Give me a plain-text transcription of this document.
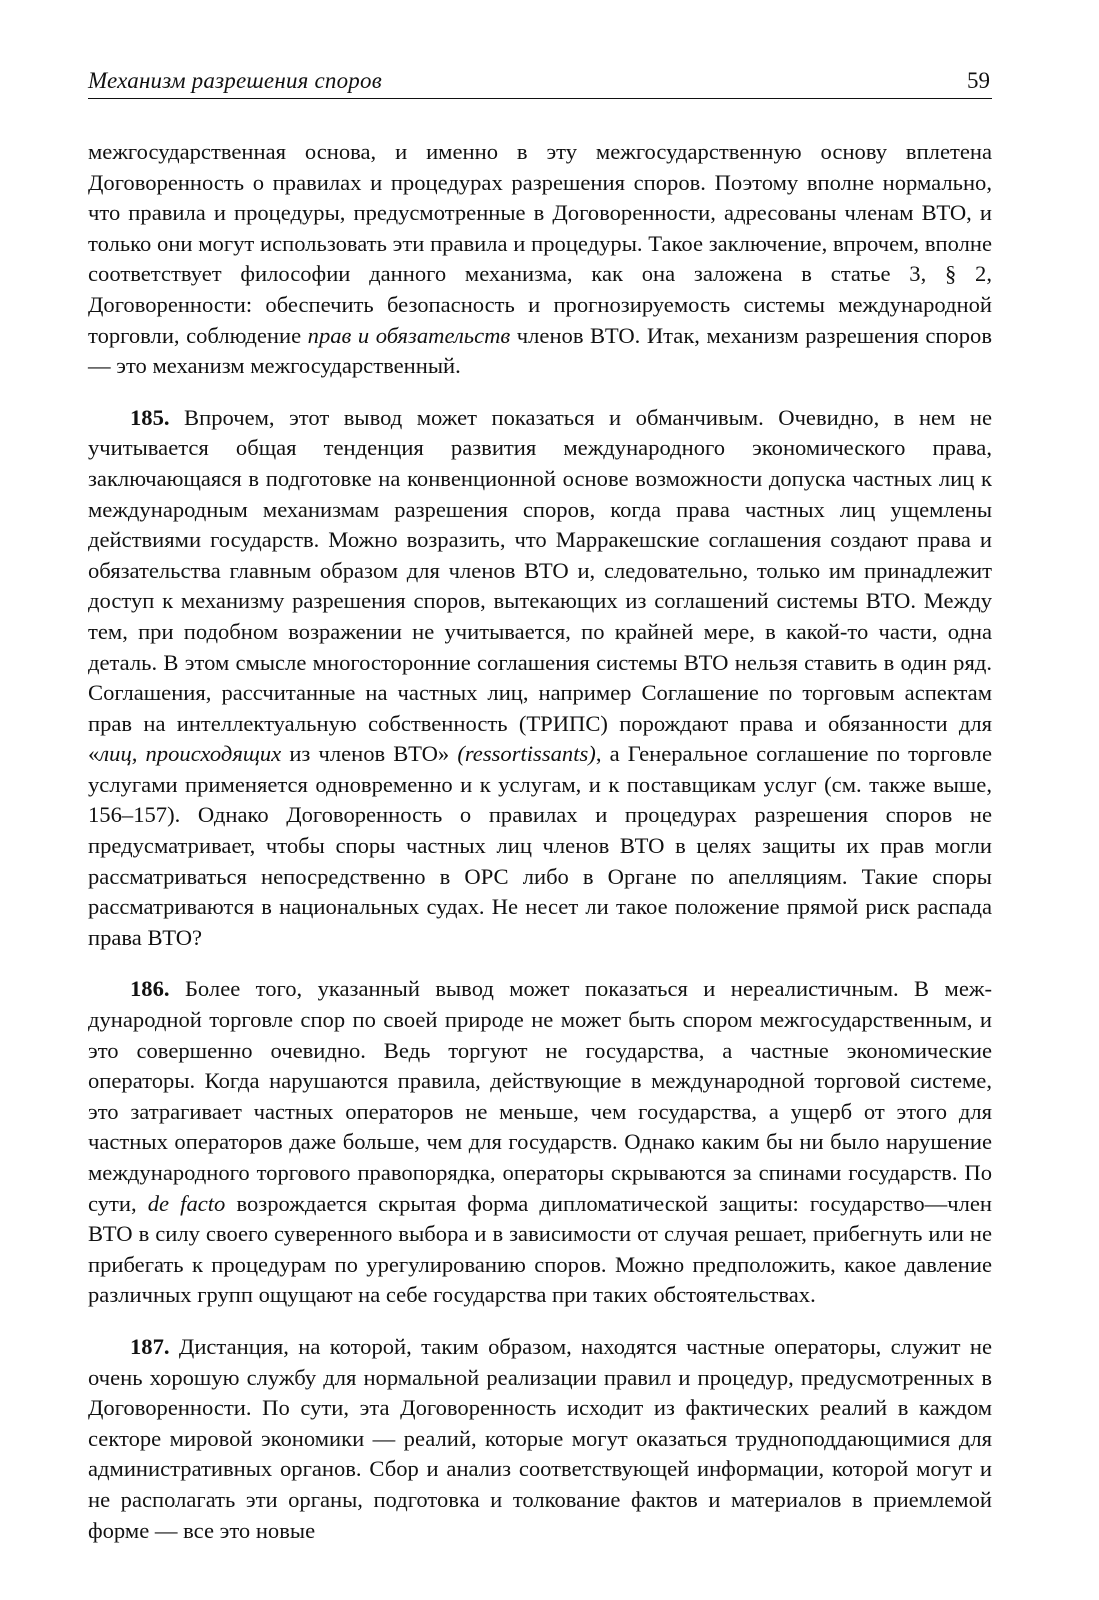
Механизм разрешения споров	59

межгосударственная основа, и именно в эту межгосударственную основу вплетена Договоренность о правилах и процедурах разрешения споров. Поэтому вполне нормально, что правила и процедуры, предусмотренные в Договоренности, адресованы членам ВТО, и только они могут использовать эти правила и процедуры. Такое заключение, впрочем, вполне соответствует философии данного механизма, как она заложена в статье 3, § 2, Договоренности: обеспечить безопасность и прогнозируемость системы международной торговли, соблюдение прав и обязательств членов ВТО. Итак, механизм разрешения споров — это механизм межгосударственный.

185. Впрочем, этот вывод может показаться и обманчивым. Очевидно, в нем не учитывается общая тенденция развития международного экономического права, заключающаяся в подготовке на конвенционной основе возможности допуска частных лиц к международным механизмам разрешения споров, когда права частных лиц ущемлены действиями государств. Можно возразить, что Марракешские соглашения создают права и обязательства главным образом для членов ВТО и, следовательно, только им принадлежит доступ к механизму разрешения споров, вытекающих из соглашений системы ВТО. Между тем, при подобном возражении не учитывается, по крайней мере, в какой-то части, одна деталь. В этом смысле многосторонние соглашения системы ВТО нельзя ставить в один ряд. Соглашения, рассчитанные на частных лиц, например Соглашение по торговым аспектам прав на интеллектуальную собственность (ТРИПС) порождают права и обязанности для «лиц, происходящих из членов ВТО» (ressortissants), а Генеральное соглашение по торговле услугами применяется одновременно и к услугам, и к поставщикам услуг (см. также выше, 156–157). Однако Договоренность о правилах и процедурах разрешения споров не предусматривает, чтобы споры частных лиц членов ВТО в целях защиты их прав могли рассматриваться непосредственно в ОРС либо в Органе по апелляциям. Такие споры рассматриваются в национальных судах. Не несет ли такое положение прямой риск распада права ВТО?

186. Более того, указанный вывод может показаться и нереалистичным. В международной торговле спор по своей природе не может быть спором межгосударственным, и это совершенно очевидно. Ведь торгуют не государства, а частные экономические операторы. Когда нарушаются правила, действующие в международной торговой системе, это затрагивает частных операторов не меньше, чем государства, а ущерб от этого для частных операторов даже больше, чем для государств. Однако каким бы ни было нарушение международного торгового правопорядка, операторы скрываются за спинами государств. По сути, de facto возрождается скрытая форма дипломатической защиты: государство—член ВТО в силу своего суверенного выбора и в зависимости от случая решает, прибегнуть или не прибегать к процедурам по урегулированию споров. Можно предположить, какое давление различных групп ощущают на себе государства при таких обстоятельствах.

187. Дистанция, на которой, таким образом, находятся частные операторы, служит не очень хорошую службу для нормальной реализации правил и процедур, предусмотренных в Договоренности. По сути, эта Договоренность исходит из фактических реалий в каждом секторе мировой экономики — реалий, которые могут оказаться трудноподдающимися для административных органов. Сбор и анализ соответствующей информации, которой могут и не располагать эти органы, подготовка и толкование фактов и материалов в приемлемой форме — все это новые
